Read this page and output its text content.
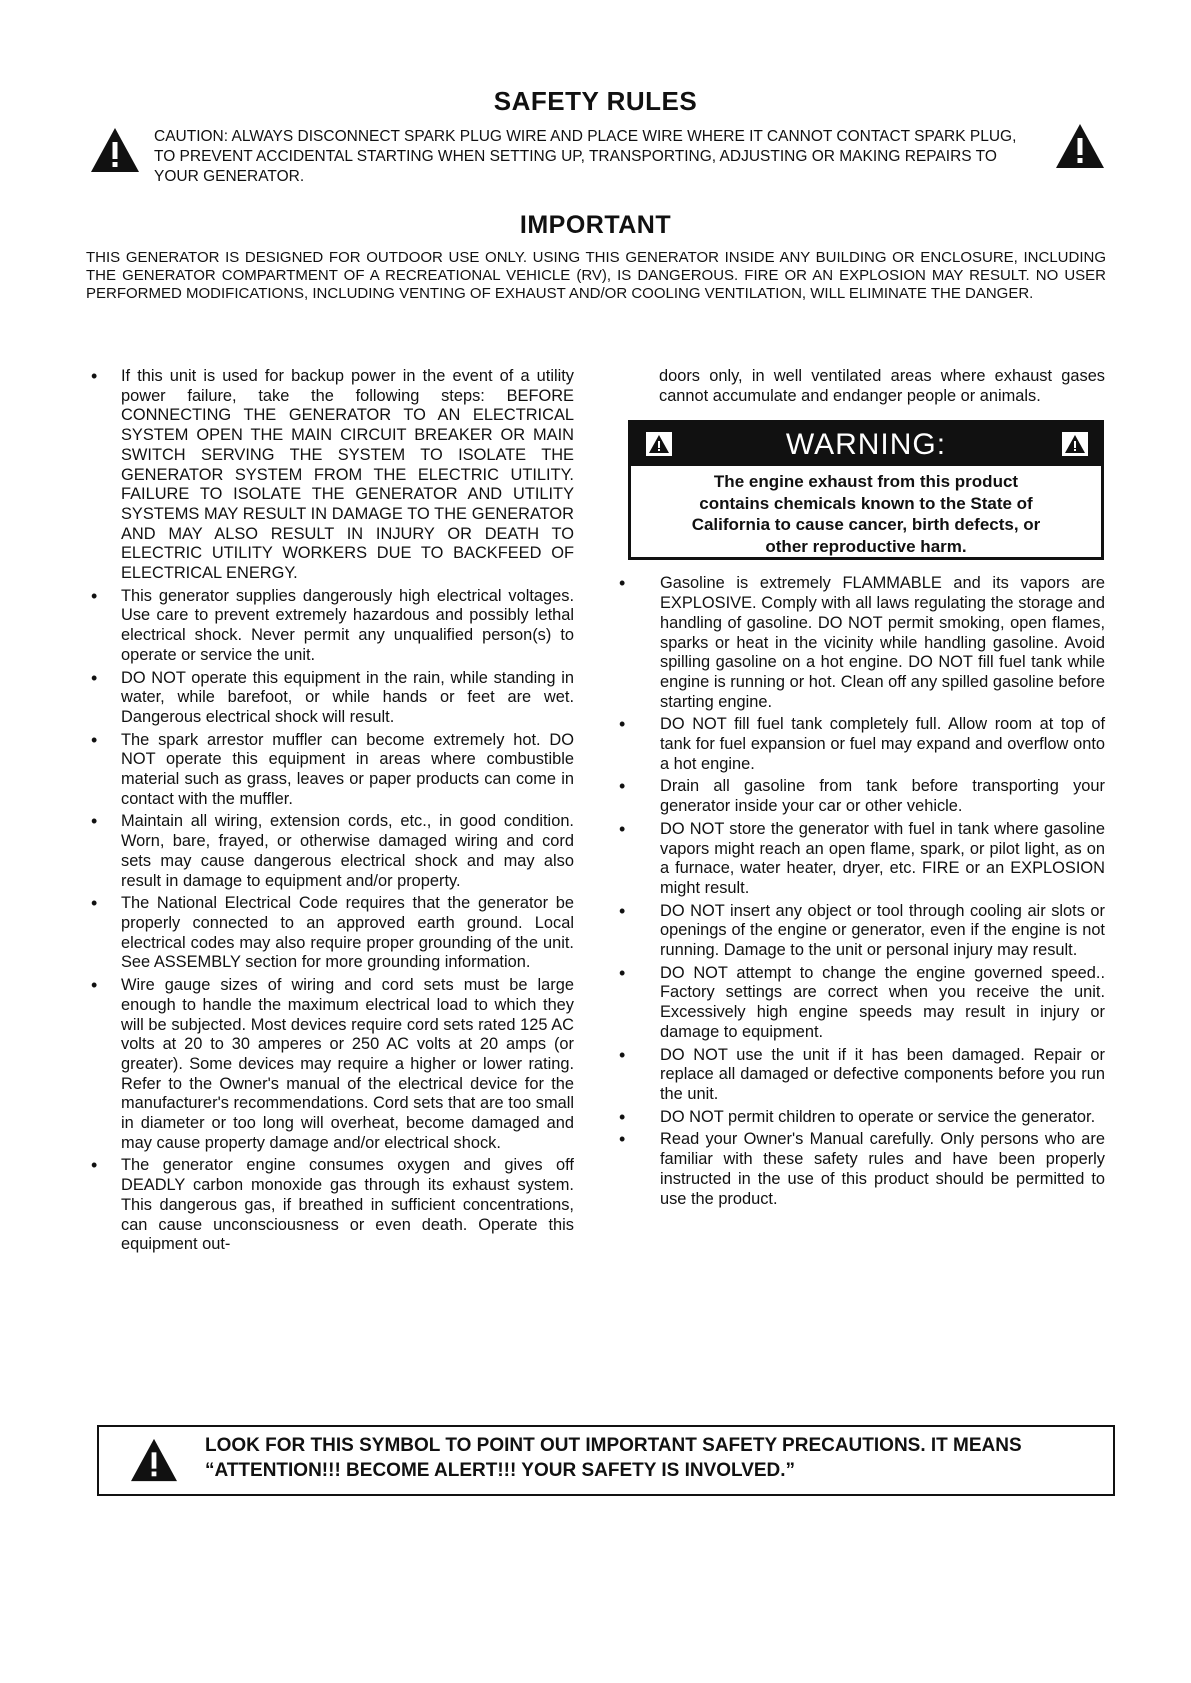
SAFETY RULES
CAUTION: ALWAYS DISCONNECT SPARK PLUG WIRE AND PLACE WIRE WHERE IT CANNOT CONTACT SPARK PLUG, TO PREVENT ACCIDENTAL STARTING WHEN SETTING UP, TRANSPORTING, ADJUSTING OR MAKING REPAIRS TO YOUR GENERATOR.
IMPORTANT
THIS GENERATOR IS DESIGNED FOR OUTDOOR USE ONLY. USING THIS GENERATOR INSIDE ANY BUILDING OR ENCLOSURE, INCLUDING THE GENERATOR COMPARTMENT OF A RECREATIONAL VEHICLE (RV), IS DANGEROUS. FIRE OR AN EXPLOSION MAY RESULT. NO USER PERFORMED MODIFICATIONS, INCLUDING VENTING OF EXHAUST AND/OR COOLING VENTILATION, WILL ELIMINATE THE DANGER.
• If this unit is used for backup power in the event of a utility power failure, take the following steps: BEFORE CONNECTING THE GENERATOR TO AN ELECTRICAL SYSTEM OPEN THE MAIN CIRCUIT BREAKER OR MAIN SWITCH SERVING THE SYSTEM TO ISOLATE THE GENERATOR SYSTEM FROM THE ELECTRIC UTILITY. FAILURE TO ISOLATE THE GENERATOR AND UTILITY SYSTEMS MAY RESULT IN DAMAGE TO THE GENERATOR AND MAY ALSO RESULT IN INJURY OR DEATH TO ELECTRIC UTILITY WORKERS DUE TO BACKFEED OF ELECTRICAL ENERGY.
• This generator supplies dangerously high electrical voltages. Use care to prevent extremely hazardous and possibly lethal electrical shock. Never permit any unqualified person(s) to operate or service the unit.
• DO NOT operate this equipment in the rain, while standing in water, while barefoot, or while hands or feet are wet. Dangerous electrical shock will result.
• The spark arrestor muffler can become extremely hot. DO NOT operate this equipment in areas where combustible material such as grass, leaves or paper products can come in contact with the muffler.
• Maintain all wiring, extension cords, etc., in good condition. Worn, bare, frayed, or otherwise damaged wiring and cord sets may cause dangerous electrical shock and may also result in damage to equipment and/or property.
• The National Electrical Code requires that the generator be properly connected to an approved earth ground. Local electrical codes may also require proper grounding of the unit. See ASSEMBLY section for more grounding information.
• Wire gauge sizes of wiring and cord sets must be large enough to handle the maximum electrical load to which they will be subjected. Most devices require cord sets rated 125 AC volts at 20 to 30 amperes or 250 AC volts at 20 amps (or greater). Some devices may require a higher or lower rating. Refer to the Owner's manual of the electrical device for the manufacturer's recommendations. Cord sets that are too small in diameter or too long will overheat, become damaged and may cause property damage and/or electrical shock.
• The generator engine consumes oxygen and gives off DEADLY carbon monoxide gas through its exhaust system. This dangerous gas, if breathed in sufficient concentrations, can cause unconsciousness or even death. Operate this equipment out-
doors only, in well ventilated areas where exhaust gases cannot accumulate and endanger people or animals.
WARNING:
The engine exhaust from this product contains chemicals known to the State of California to cause cancer, birth defects, or other reproductive harm.
• Gasoline is extremely FLAMMABLE and its vapors are EXPLOSIVE. Comply with all laws regulating the storage and handling of gasoline. DO NOT permit smoking, open flames, sparks or heat in the vicinity while handling gasoline. Avoid spilling gasoline on a hot engine. DO NOT fill fuel tank while engine is running or hot. Clean off any spilled gasoline before starting engine.
• DO NOT fill fuel tank completely full. Allow room at top of tank for fuel expansion or fuel may expand and overflow onto a hot engine.
• Drain all gasoline from tank before transporting your generator inside your car or other vehicle.
• DO NOT store the generator with fuel in tank where gasoline vapors might reach an open flame, spark, or pilot light, as on a furnace, water heater, dryer, etc. FIRE or an EXPLOSION might result.
• DO NOT insert any object or tool through cooling air slots or openings of the engine or generator, even if the engine is not running. Damage to the unit or personal injury may result.
• DO NOT attempt to change the engine governed speed.. Factory settings are correct when you receive the unit. Excessively high engine speeds may result in injury or damage to equipment.
• DO NOT use the unit if it has been damaged. Repair or replace all damaged or defective components before you run the unit.
• DO NOT permit children to operate or service the generator.
• Read your Owner's Manual carefully. Only persons who are familiar with these safety rules and have been properly instructed in the use of this product should be permitted to use the product.
LOOK FOR THIS SYMBOL TO POINT OUT IMPORTANT SAFETY PRECAUTIONS. IT MEANS “ATTENTION!!! BECOME ALERT!!! YOUR SAFETY IS INVOLVED.”
